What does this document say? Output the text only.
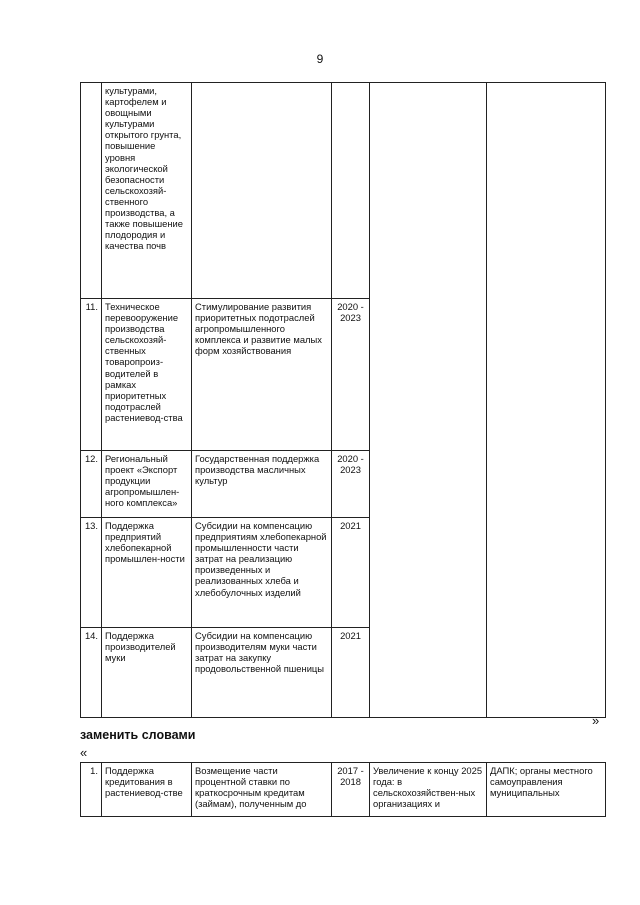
9
	культурами, картофелем и овощными культурами открытого грунта, повышение уровня экологической безопасности сельскохозяй-ственного производства, а также повышение плодородия и качества почв				
11.	Техническое перевооружение производства сельскохозяй-ственных товаропроиз-водителей в рамках приоритетных подотраслей растениевод-ства	Стимулирование развития приоритетных подотраслей агропромышленного комплекса и развитие малых форм хозяйствования	2020 - 2023		
12.	Региональный проект «Экспорт продукции агропромышлен-ного комплекса»	Государственная поддержка производства масличных культур	2020 - 2023		
13.	Поддержка предприятий хлебопекарной промышлен-ности	Субсидии на компенсацию предприятиям хлебопекарной промышленности части затрат на реализацию произведенных и реализованных хлеба и хлебобулочных изделий	2021		
14.	Поддержка производителей муки	Субсидии на компенсацию производителям муки части затрат на закупку продовольственной пшеницы	2021		
»
заменить словами
«
1.	Поддержка кредитования в растениевод-стве	Возмещение части процентной ставки по краткосрочным кредитам (займам), полученным до	2017 - 2018	Увеличение к концу 2025 года: в сельскохозяйствен-ных организациях и	ДАПК; органы местного самоуправления муниципальных
